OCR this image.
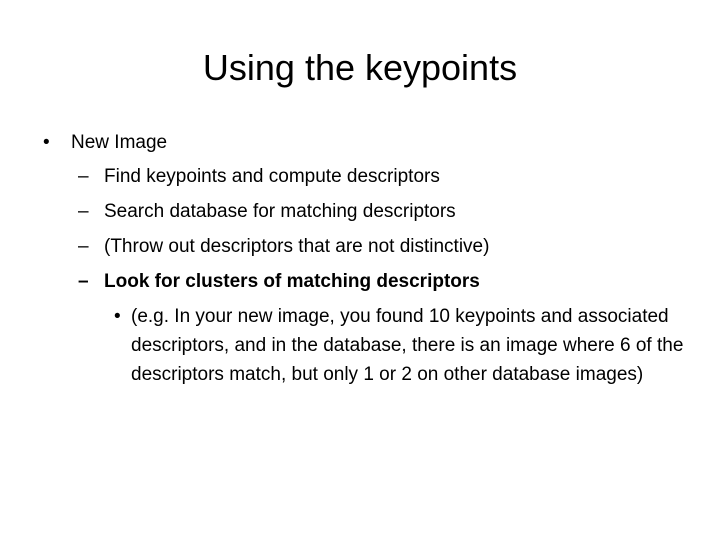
Using the keypoints
• New Image
– Find keypoints and compute descriptors
– Search database for matching descriptors
– (Throw out descriptors that are not distinctive)
– Look for clusters of matching descriptors
• (e.g. In your new image, you found 10 keypoints and associated descriptors, and in the database, there is an image where 6 of the descriptors match, but only 1 or 2 on other database images)
